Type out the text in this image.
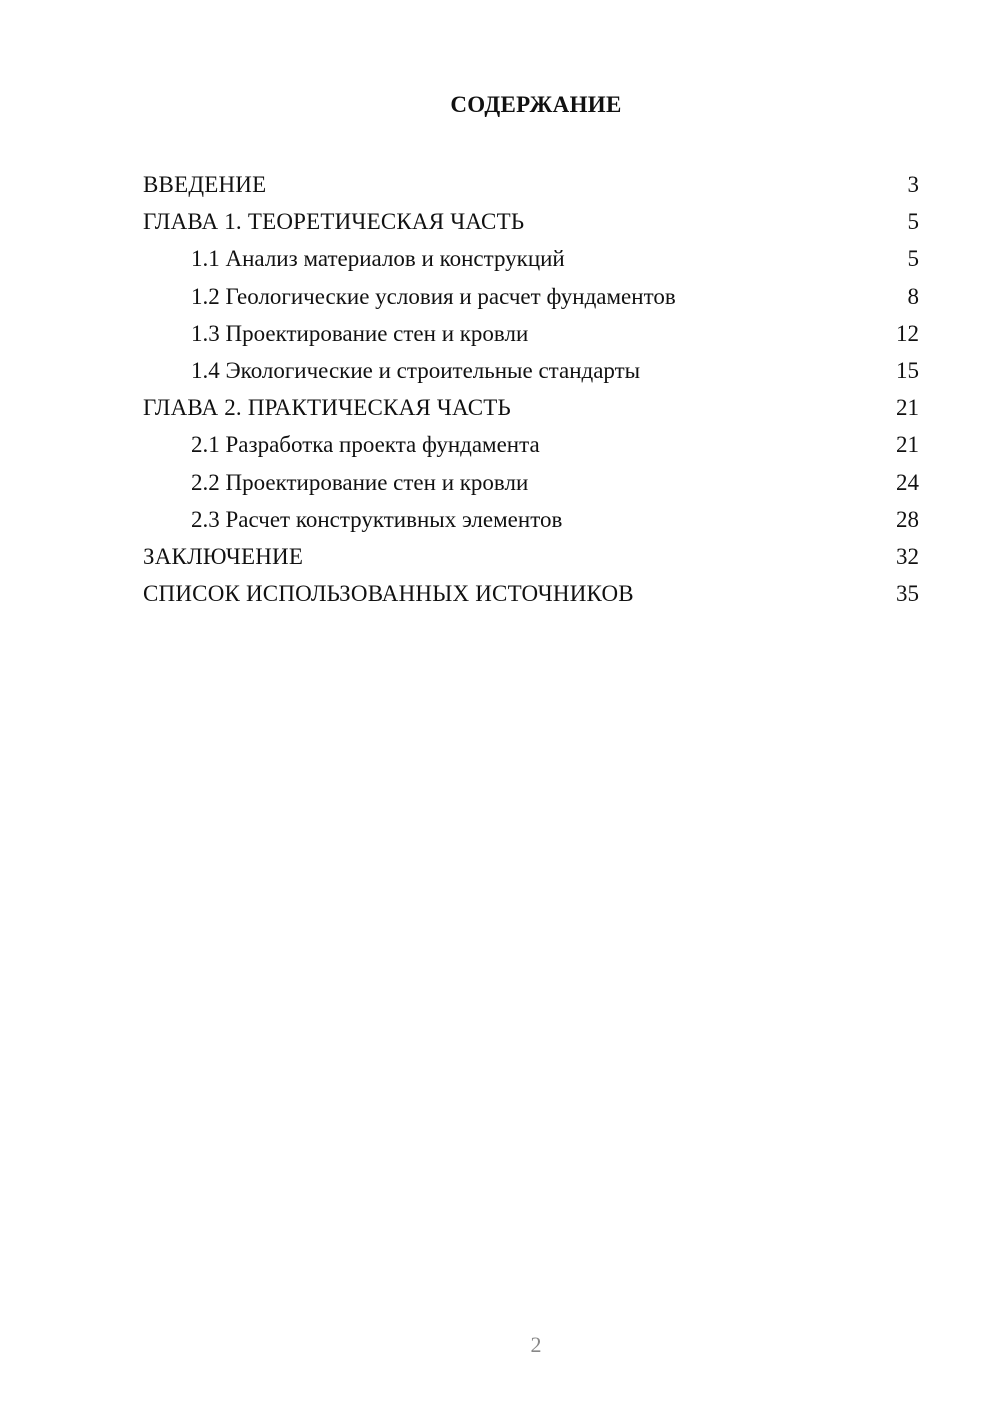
СОДЕРЖАНИЕ
ВВЕДЕНИЕ	3
ГЛАВА 1. ТЕОРЕТИЧЕСКАЯ ЧАСТЬ	5
1.1 Анализ материалов и конструкций	5
1.2 Геологические условия и расчет фундаментов	8
1.3 Проектирование стен и кровли	12
1.4 Экологические и строительные стандарты	15
ГЛАВА 2. ПРАКТИЧЕСКАЯ ЧАСТЬ	21
2.1 Разработка проекта фундамента	21
2.2 Проектирование стен и кровли	24
2.3 Расчет конструктивных элементов	28
ЗАКЛЮЧЕНИЕ	32
СПИСОК ИСПОЛЬЗОВАННЫХ ИСТОЧНИКОВ	35
2
